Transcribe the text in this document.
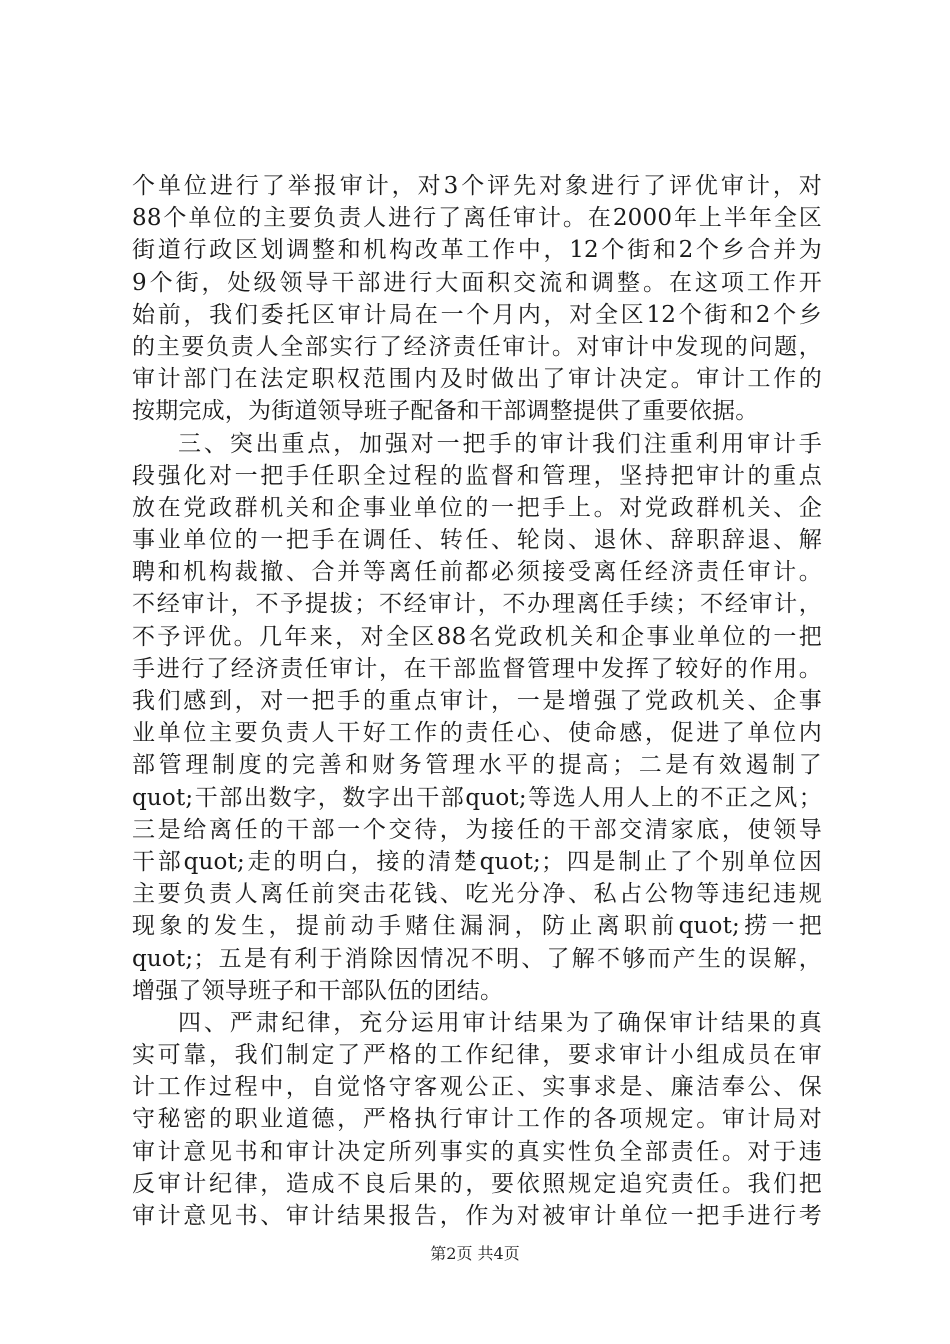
个单位进行了举报审计，对3个评先对象进行了评优审计，对
88个单位的主要负责人进行了离任审计。在2000年上半年全区
街道行政区划调整和机构改革工作中，12个街和2个乡合并为
9个街，处级领导干部进行大面积交流和调整。在这项工作开
始前，我们委托区审计局在一个月内，对全区12个街和2个乡
的主要负责人全部实行了经济责任审计。对审计中发现的问题，
审计部门在法定职权范围内及时做出了审计决定。审计工作的
按期完成，为街道领导班子配备和干部调整提供了重要依据。
三、突出重点，加强对一把手的审计我们注重利用审计手
段强化对一把手任职全过程的监督和管理，坚持把审计的重点
放在党政群机关和企事业单位的一把手上。对党政群机关、企
事业单位的一把手在调任、转任、轮岗、退休、辞职辞退、解
聘和机构裁撤、合并等离任前都必须接受离任经济责任审计。
不经审计，不予提拔；不经审计，不办理离任手续；不经审计，
不予评优。几年来，对全区88名党政机关和企事业单位的一把
手进行了经济责任审计，在干部监督管理中发挥了较好的作用。
我们感到，对一把手的重点审计，一是增强了党政机关、企事
业单位主要负责人干好工作的责任心、使命感，促进了单位内
部管理制度的完善和财务管理水平的提高；二是有效遏制了
quot;干部出数字，数字出干部quot;等选人用人上的不正之风；
三是给离任的干部一个交待，为接任的干部交清家底，使领导
干部quot;走的明白，接的清楚quot;；四是制止了个别单位因
主要负责人离任前突击花钱、吃光分净、私占公物等违纪违规
现象的发生，提前动手赌住漏洞，防止离职前quot;捞一把
quot;；五是有利于消除因情况不明、了解不够而产生的误解，
增强了领导班子和干部队伍的团结。
四、严肃纪律，充分运用审计结果为了确保审计结果的真
实可靠，我们制定了严格的工作纪律，要求审计小组成员在审
计工作过程中，自觉恪守客观公正、实事求是、廉洁奉公、保
守秘密的职业道德，严格执行审计工作的各项规定。审计局对
审计意见书和审计决定所列事实的真实性负全部责任。对于违
反审计纪律，造成不良后果的，要依照规定追究责任。我们把
审计意见书、审计结果报告，作为对被审计单位一把手进行考
第2页 共4页
